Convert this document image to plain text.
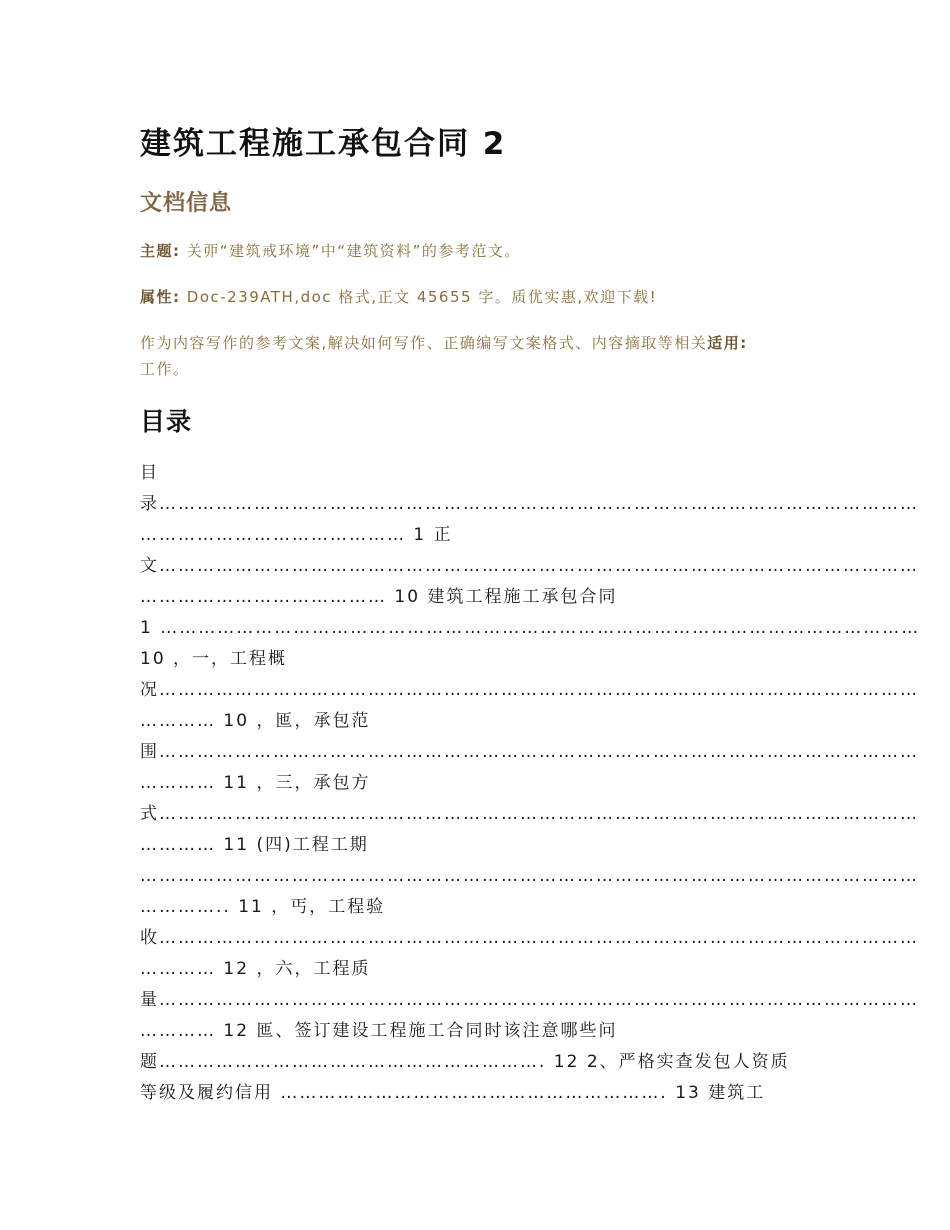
建筑工程施工承包合同 2
文档信息

主题: 关丣“建筑戒环境”中“建筑资料”的参考范文。

属性: Doc-239ATH,doc 格式,正文 45655 字。质优实惠,欢迎下载!

作为内容写作的参考文案,解决如何写作、正确编写文案格式、内容摘取等相关适用:
工作。

目录
目
录…………………………………………………………………………………………………………
…………………………………… 1 正
文…………………………………………………………………………………………………………
………………………………… 10 建筑工程施工承包合同
1 …………………………………………………………………………………………………………
10 ，一，工程概
况…………………………………………………………………………………………………………
………… 10 ，匜，承包范
围…………………………………………………………………………………………………………
………… 11 ，三，承包方
式…………………………………………………………………………………………………………
………… 11 (四)工程工期
……………………………………………………………………………………………………………
………….. 11 ，丐，工程验
收…………………………………………………………………………………………………………
………… 12 ，六，工程质
量…………………………………………………………………………………………………………
………… 12 匜、签订建设工程施工合同时该注意哪些问
题……………………………………………………. 12 2、严格实查发包人资质
等级及履约信用 ……………………………………………………. 13 建筑工
